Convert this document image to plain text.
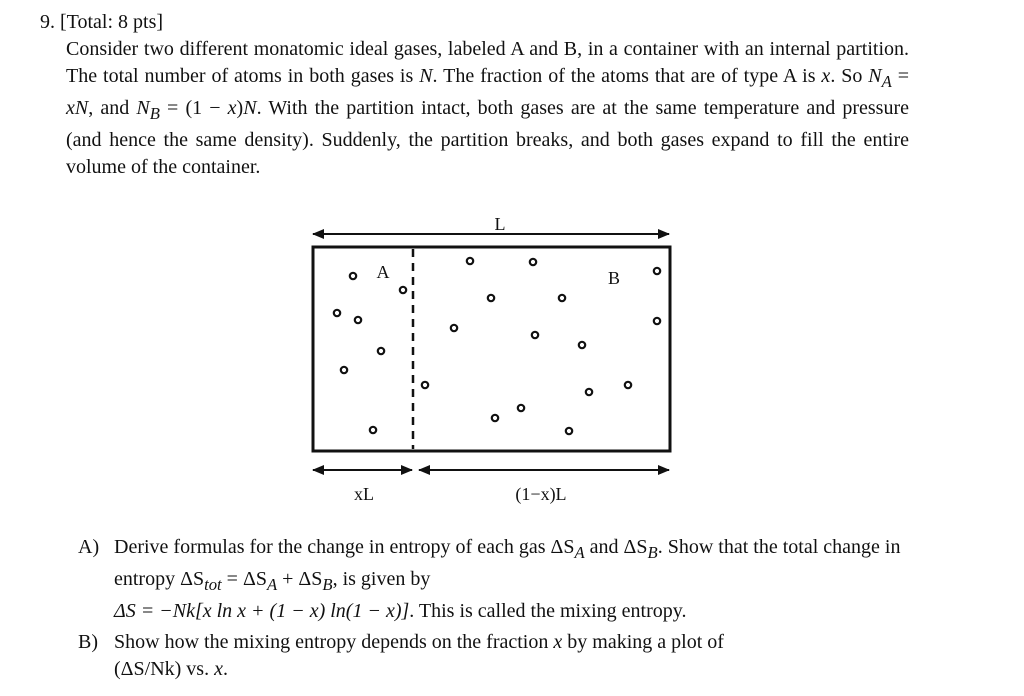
9. [Total: 8 pts]
Consider two different monatomic ideal gases, labeled A and B, in a container with an internal partition. The total number of atoms in both gases is N. The fraction of the atoms that are of type A is x. So $N_A$ = xN, and $N_B = (1 - x)N$. With the partition intact, both gases are at the same temperature and pressure (and hence the same density). Suddenly, the partition breaks, and both gases expand to fill the entire volume of the container.
L
A	B
xL	(1−x)L
A) Derive formulas for the change in entropy of each gas $\Delta S_A$ and $\Delta S_B$. Show that the total change in entropy $\Delta S_{tot} = \Delta S_A + \Delta S_B$, is given by
ΔS = −Nk[x ln x + (1 − x) ln(1 − x)]. This is called the mixing entropy.
B) Show how the mixing entropy depends on the fraction x by making a plot of
(ΔS/Nk) vs. x.
